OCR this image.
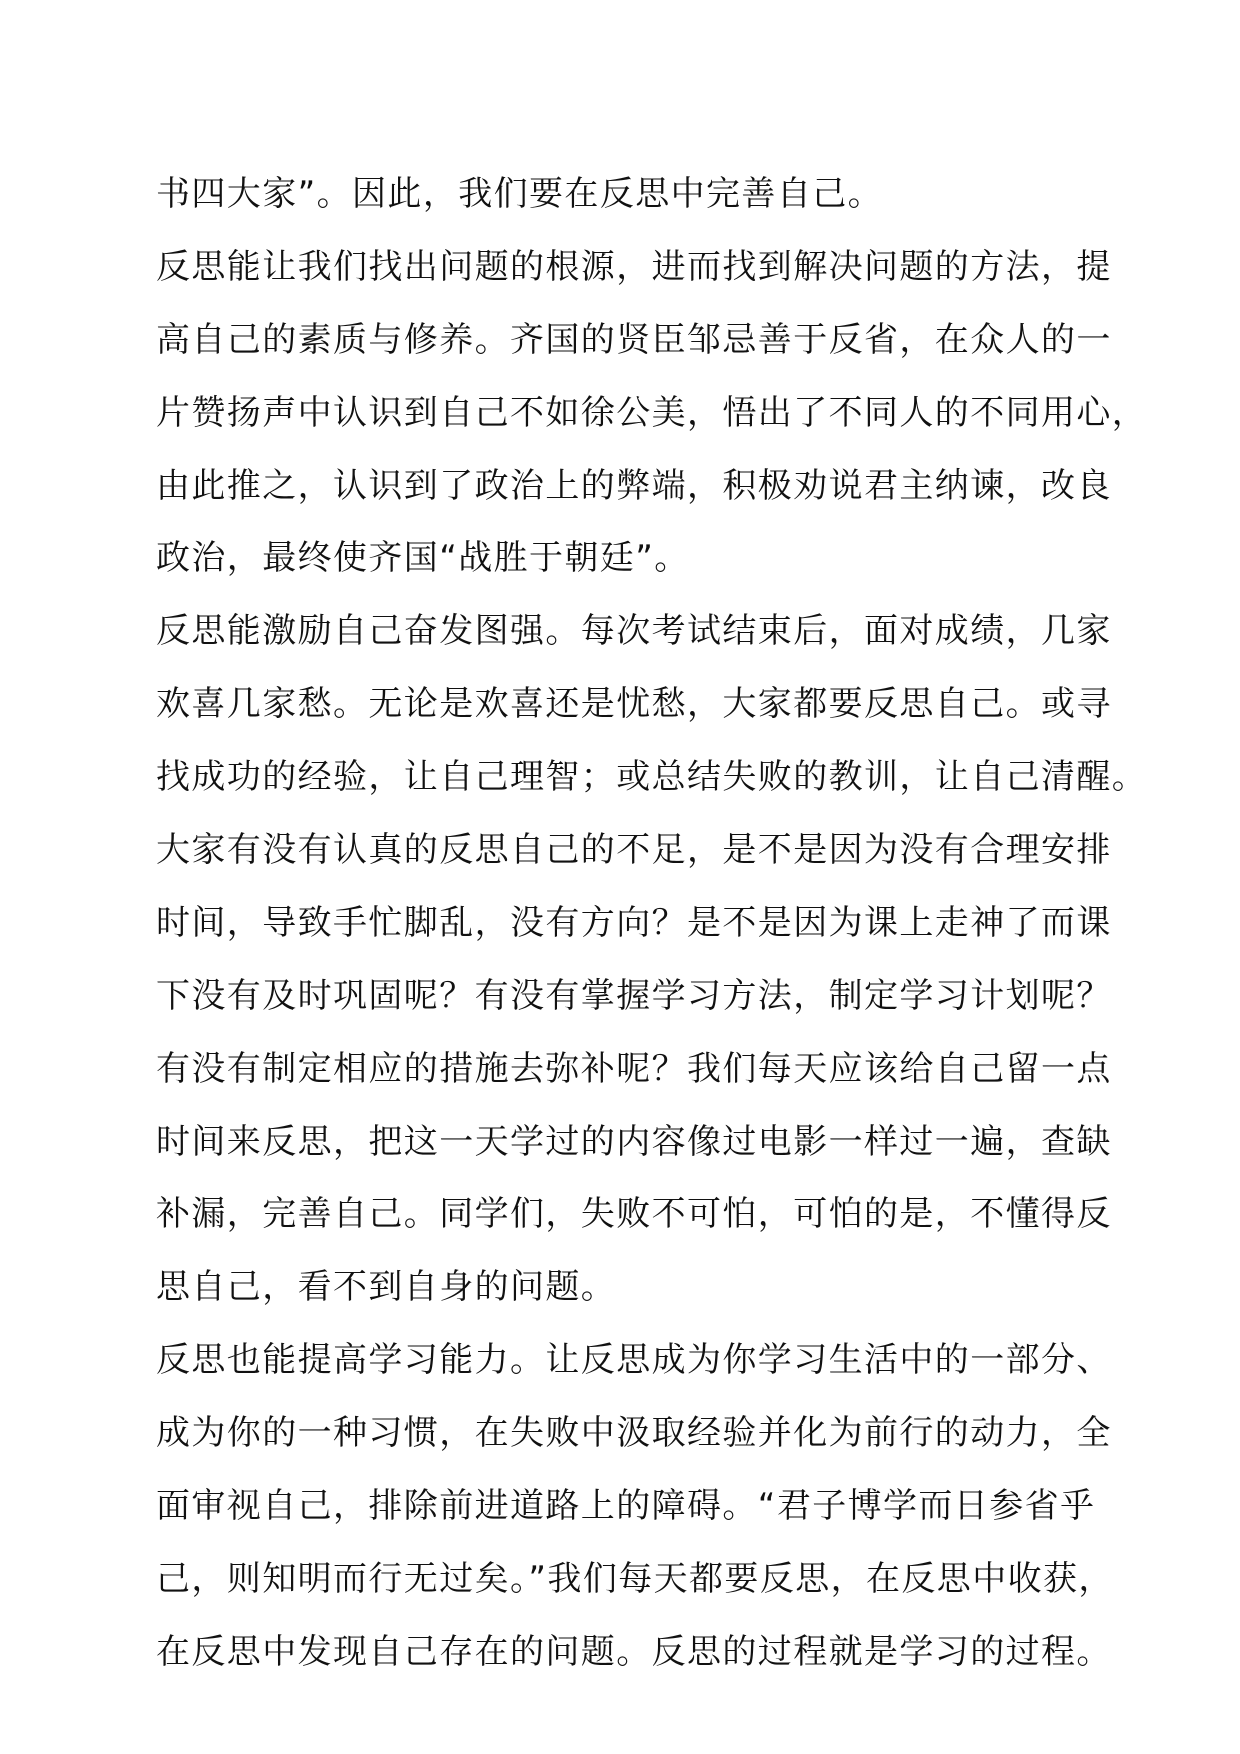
书四大家”。因此，我们要在反思中完善自己。
反思能让我们找出问题的根源，进而找到解决问题的方法，提
高自己的素质与修养。齐国的贤臣邹忌善于反省，在众人的一
片赞扬声中认识到自己不如徐公美，悟出了不同人的不同用心，
由此推之，认识到了政治上的弊端，积极劝说君主纳谏，改良
政治，最终使齐国“战胜于朝廷”。
反思能激励自己奋发图强。每次考试结束后，面对成绩，几家
欢喜几家愁。无论是欢喜还是忧愁，大家都要反思自己。或寻
找成功的经验，让自己理智；或总结失败的教训，让自己清醒。
大家有没有认真的反思自己的不足，是不是因为没有合理安排
时间，导致手忙脚乱，没有方向？是不是因为课上走神了而课
下没有及时巩固呢？有没有掌握学习方法，制定学习计划呢？
有没有制定相应的措施去弥补呢？我们每天应该给自己留一点
时间来反思，把这一天学过的内容像过电影一样过一遍，查缺
补漏，完善自己。同学们，失败不可怕，可怕的是，不懂得反
思自己，看不到自身的问题。
反思也能提高学习能力。让反思成为你学习生活中的一部分、
成为你的一种习惯，在失败中汲取经验并化为前行的动力，全
面审视自己，排除前进道路上的障碍。“君子博学而日参省乎
己，则知明而行无过矣。”我们每天都要反思，在反思中收获，
在反思中发现自己存在的问题。反思的过程就是学习的过程。
